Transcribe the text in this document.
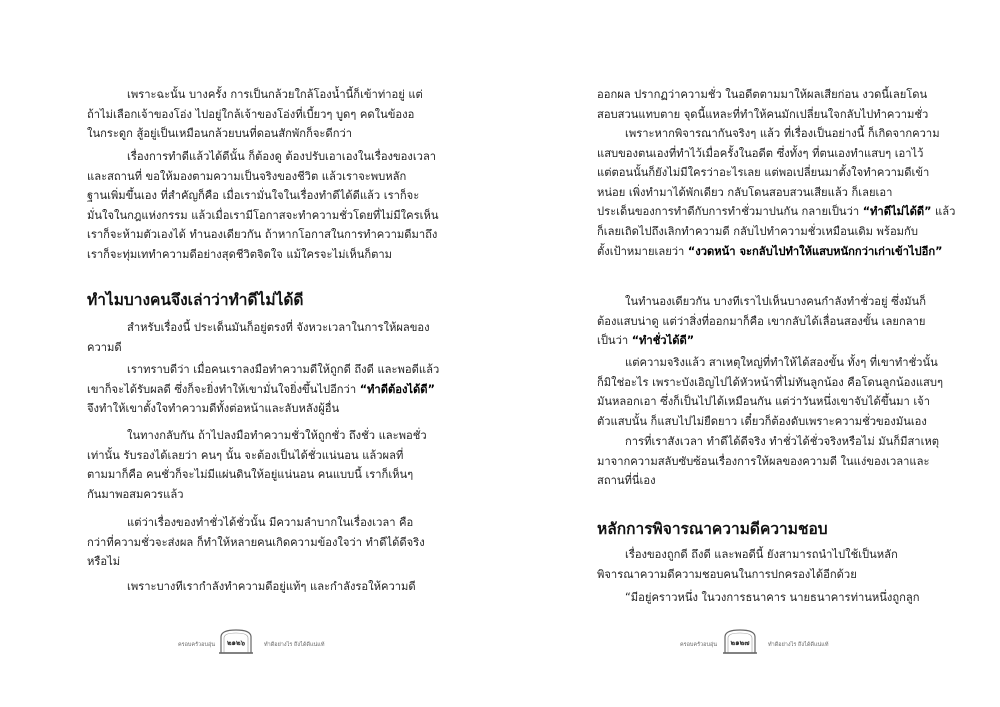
เพราะฉะนั้น บางครั้ง การเป็นกล้วยใกล้โองน้ำนี้ก็เข้าท่าอยู่ แต่
ถ้าไม่เลือกเจ้าของโอ่ง ไปอยู่ใกล้เจ้าของโอ่งที่เบี้ยวๆ บูดๆ คดในข้องอ
ในกระดูก สู้อยู่เป็นเหมือนกล้วยบนที่ดอนสักพักก็จะดีกว่า
เรื่องการทำดีแล้วได้ดีนั้น ก็ต้องดู ต้องปรับเอาเองในเรื่องของเวลา
และสถานที่ ขอให้มองตามความเป็นจริงของชีวิต แล้วเราจะพบหลัก
ฐานเพิ่มขึ้นเอง ที่สำคัญก็คือ เมื่อเรามั่นใจในเรื่องทำดีได้ดีแล้ว เราก็จะ
มั่นใจในกฎแห่งกรรม แล้วเมื่อเรามีโอกาสจะทำความชั่วโดยที่ไม่มีใครเห็น
เราก็จะห้ามตัวเองได้ ทำนองเดียวกัน ถ้าหากโอกาสในการทำความดีมาถึง
เราก็จะทุ่มเททำความดีอย่างสุดชีวิตจิตใจ แม้ใครจะไม่เห็นก็ตาม
ทำไมบางคนจึงเล่าว่าทำดีไม่ได้ดี
สำหรับเรื่องนี้ ประเด็นมันก็อยู่ตรงที่ จังหวะเวลาในการให้ผลของ
ความดี
เราทราบดีว่า เมื่อคนเราลงมือทำความดีให้ถูกดี ถึงดี และพอดีแล้ว
เขาก็จะได้รับผลดี ซึ่งก็จะยิ่งทำให้เขามั่นใจยิ่งขึ้นไปอีกว่า “ทำดีต้องได้ดี”
จึงทำให้เขาตั้งใจทำความดีทั้งต่อหน้าและลับหลังผู้อื่น
ในทางกลับกัน ถ้าไปลงมือทำความชั่วให้ถูกชั่ว ถึงชั่ว และพอชั่ว
เท่านั้น รับรองได้เลยว่า คนๆ นั้น จะต้องเป็นได้ชั่วแน่นอน แล้วผลที่
ตามมาก็คือ คนชั่วก็จะไม่มีแผ่นดินให้อยู่แน่นอน คนแบบนี้ เราก็เห็นๆ
กันมาพอสมควรแล้ว
แต่ว่าเรื่องของทำชั่วได้ชั่วนั้น มีความลำบากในเรื่องเวลา คือ
กว่าที่ความชั่วจะส่งผล ก็ทำให้หลายคนเกิดความข้องใจว่า ทำดีได้ดีจริง
หรือไม่
เพราะบางทีเรากำลังทำความดีอยู่แท้ๆ และกำลังรอให้ความดี
ครอบครัวอบอุ่น	๒๑๒๖	ทำดีอย่างไร ถึงได้ดีแน่แท้
ออกผล ปรากฏว่าความชั่ว ในอดีตตามมาให้ผลเสียก่อน งวดนี้เลยโดน
สอบสวนแทบตาย จุดนี้แหละที่ทำให้คนมักเปลี่ยนใจกลับไปทำความชั่ว
เพราะหากพิจารณากันจริงๆ แล้ว ที่เรื่องเป็นอย่างนี้ ก็เกิดจากความ
แสบของตนเองที่ทำไว้เมื่อครั้งในอดีต ซึ่งทั้งๆ ที่ตนเองทำแสบๆ เอาไว้
แต่ตอนนั้นก็ยังไม่มีใครว่าอะไรเลย แต่พอเปลี่ยนมาตั้งใจทำความดีเข้า
หน่อย เพิ่งทำมาได้พักเดียว กลับโดนสอบสวนเสียแล้ว ก็เลยเอา
ประเด็นของการทำดีกับการทำชั่วมาปนกัน กลายเป็นว่า “ทำดีไม่ได้ดี” แล้ว
ก็เลยเถิดไปถึงเลิกทำความดี กลับไปทำความชั่วเหมือนเดิม พร้อมกับ
ตั้งเป้าหมายเลยว่า “งวดหน้า จะกลับไปทำให้แสบหนักกว่าเก่าเข้าไปอีก”
ในทำนองเดียวกัน บางทีเราไปเห็นบางคนกำลังทำชั่วอยู่ ซึ่งมันก็
ต้องแสบน่าดู แต่ว่าสิ่งที่ออกมาก็คือ เขากลับได้เลื่อนสองขั้น เลยกลาย
เป็นว่า “ทำชั่วได้ดี”
แต่ความจริงแล้ว สาเหตุใหญ่ที่ทำให้ได้สองขั้น ทั้งๆ ที่เขาทำชั่วนั้น
ก็มิใช่อะไร เพราะบังเอิญไปได้หัวหน้าที่ไม่ทันลูกน้อง คือโดนลูกน้องแสบๆ
มันหลอกเอา ซึ่งก็เป็นไปได้เหมือนกัน แต่ว่าวันหนึ่งเขาจับได้ขึ้นมา เจ้า
ตัวแสบนั้น ก็แสบไปไม่ยืดยาว เดี๋ยวก็ต้องดับเพราะความชั่วของมันเอง
การที่เราสังเวลา ทำดีได้ดีจริง ทำชั่วได้ชั่วจริงหรือไม่ มันก็มีสาเหตุ
มาจากความสลับซับซ้อนเรื่องการให้ผลของความดี ในแง่ของเวลาและ
สถานที่นี่เอง
หลักการพิจารณาความดีความชอบ
เรื่องของถูกดี ถึงดี และพอดีนี้ ยังสามารถนำไปใช้เป็นหลัก
พิจารณาความดีความชอบคนในการปกครองได้อีกด้วย
“มีอยู่คราวหนึ่ง ในวงการธนาคาร นายธนาคารท่านหนึ่งถูกลูก
ครอบครัวอบอุ่น	๒๑๒๗	ทำดีอย่างไร ถึงได้ดีแน่แท้
